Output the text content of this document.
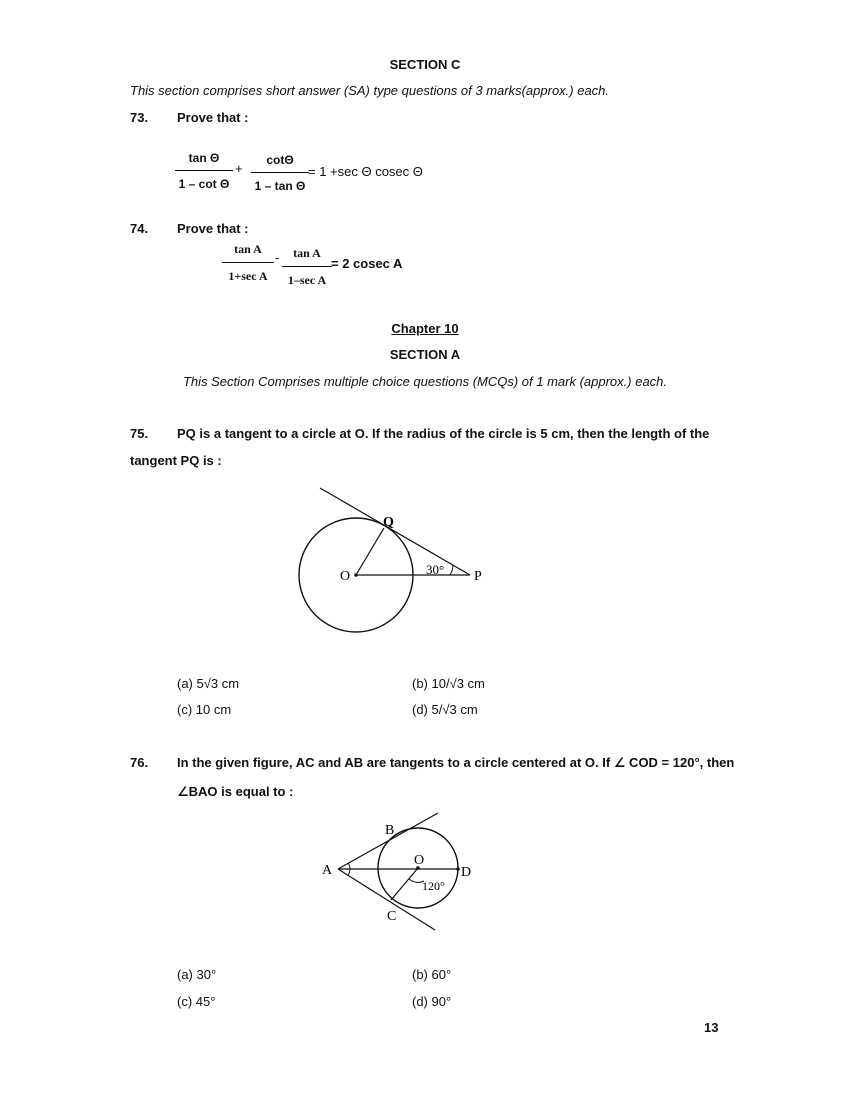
SECTION C
This section comprises short answer (SA) type questions of 3 marks(approx.) each.
73. Prove that :
$\frac{\text{tan Θ}}{\text{1 – cot Θ}} + \frac{\cot\Theta}{\text{1 – tan Θ}} = 1 +\sec$ Θ cosec Θ
74. Prove that :
tan A
1+sec A
-	tan A
1–sec A
= 2 cosec A
Chapter 10
SECTION A
This Section Comprises multiple choice questions (MCQs) of 1 mark (approx.) each.
75. PQ is a tangent to a circle at O. If the radius of the circle is 5 cm, then the length of the
tangent PQ is :
Q
O	P
30°
(a) 5√3 cm	(b) 10/√3 cm
(c) 10 cm	(d) 5/√3 cm
76. In the given figure, AC and AB are tangents to a circle centered at O. If ∠ COD = 120°, then
∠BAO is equal to :
B
A
O
D
C
120°
(a) 30°	(b) 60°
(c) 45°	(d) 90°
13
